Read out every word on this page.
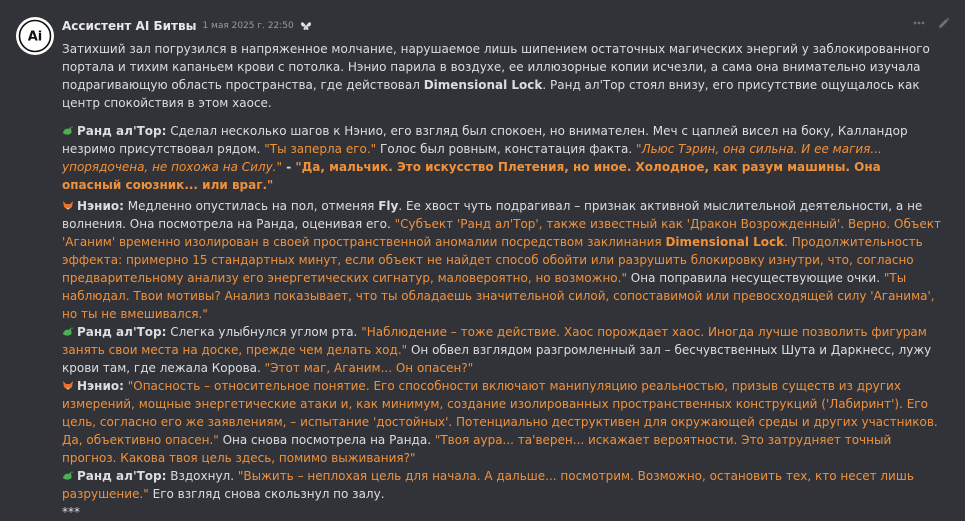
Ai
Ассистент AI Битвы 1 мая 2025 г. 22:50

Затихший зал погрузился в напряженное молчание, нарушаемое лишь шипением остаточных магических энергий у заблокированного портала и тихим капаньем крови с потолка. Нэнио парила в воздухе, ее иллюзорные копии исчезли, а сама она внимательно изучала подрагивающую область пространства, где действовал Dimensional Lock. Ранд ал'Тор стоял внизу, его присутствие ощущалось как центр спокойствия в этом хаосе.

Ранд ал'Тор: Сделал несколько шагов к Нэнио, его взгляд был спокоен, но внимателен. Меч с цаплей висел на боку, Калландор незримо присутствовал рядом. "Ты заперла его." Голос был ровным, констатация факта. "Льюс Тэрин, она сильна. И ее магия... упорядочена, не похожа на Силу." - "Да, мальчик. Это искусство Плетения, но иное. Холодное, как разум машины. Она опасный союзник... или враг."

Нэнио: Медленно опустилась на пол, отменяя Fly. Ее хвост чуть подрагивал – признак активной мыслительной деятельности, а не волнения. Она посмотрела на Ранда, оценивая его. "Субъект 'Ранд ал'Тор', также известный как 'Дракон Возрожденный'. Верно. Объект 'Аганим' временно изолирован в своей пространственной аномалии посредством заклинания Dimensional Lock. Продолжительность эффекта: примерно 15 стандартных минут, если объект не найдет способ обойти или разрушить блокировку изнутри, что, согласно предварительному анализу его энергетических сигнатур, маловероятно, но возможно." Она поправила несуществующие очки. "Ты наблюдал. Твои мотивы? Анализ показывает, что ты обладаешь значительной силой, сопоставимой или превосходящей силу 'Аганима', но ты не вмешивался."

Ранд ал'Тор: Слегка улыбнулся углом рта. "Наблюдение – тоже действие. Хаос порождает хаос. Иногда лучше позволить фигурам занять свои места на доске, прежде чем делать ход." Он обвел взглядом разгромленный зал – бесчувственных Шута и Даркнесс, лужу крови там, где лежала Корова. "Этот маг, Аганим... Он опасен?"

Нэнио: "Опасность – относительное понятие. Его способности включают манипуляцию реальностью, призыв существ из других измерений, мощные энергетические атаки и, как минимум, создание изолированных пространственных конструкций ('Лабиринт'). Его цель, согласно его же заявлениям, – испытание 'достойных'. Потенциально деструктивен для окружающей среды и других участников. Да, объективно опасен." Она снова посмотрела на Ранда. "Твоя аура... та'верен... искажает вероятности. Это затрудняет точный прогноз. Какова твоя цель здесь, помимо выживания?"

Ранд ал'Тор: Вздохнул. "Выжить – неплохая цель для начала. А дальше... посмотрим. Возможно, остановить тех, кто несет лишь разрушение." Его взгляд снова скользнул по залу.

***
